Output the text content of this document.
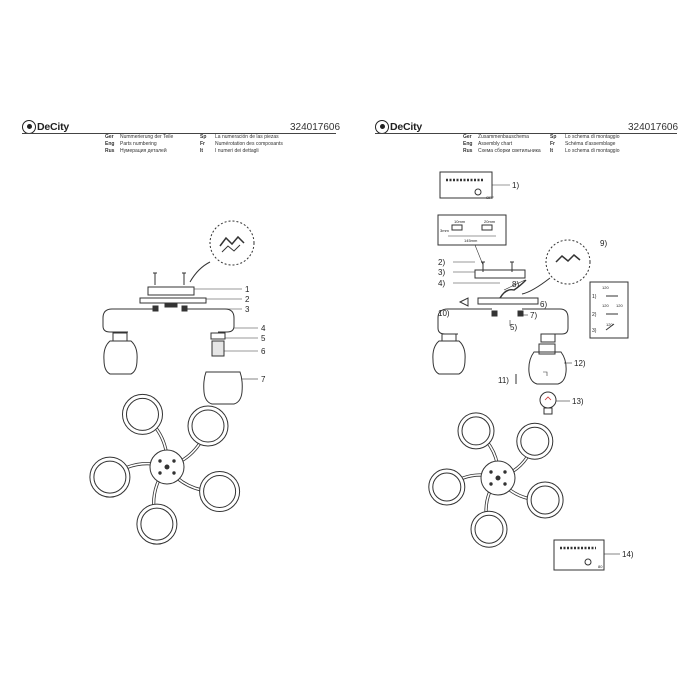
DeCity	324017606
Ger Nummerierung der Teile
Eng Parts numbering
Rus Нумерация деталей
Sp La numeración de las piezas
Fr Numérotation des composants
It I numeri dei dettagli
1
2
3
4
5
6
7
DeCity	324017606
Ger Zusammenbauschema
Eng Assembly chart
Rus Схема сборки светильника
Sp Lo schema di montaggio
Fr Schéma d'assemblage
It Lo schema di montaggio
OFF
80
10mm	20mm
3mm
145mm
1)
2)
3)
120
120
120
120
1)
2)
3)
4)
5)
6)
7)
8)
9)
10)
11)
12)
13)
14)
